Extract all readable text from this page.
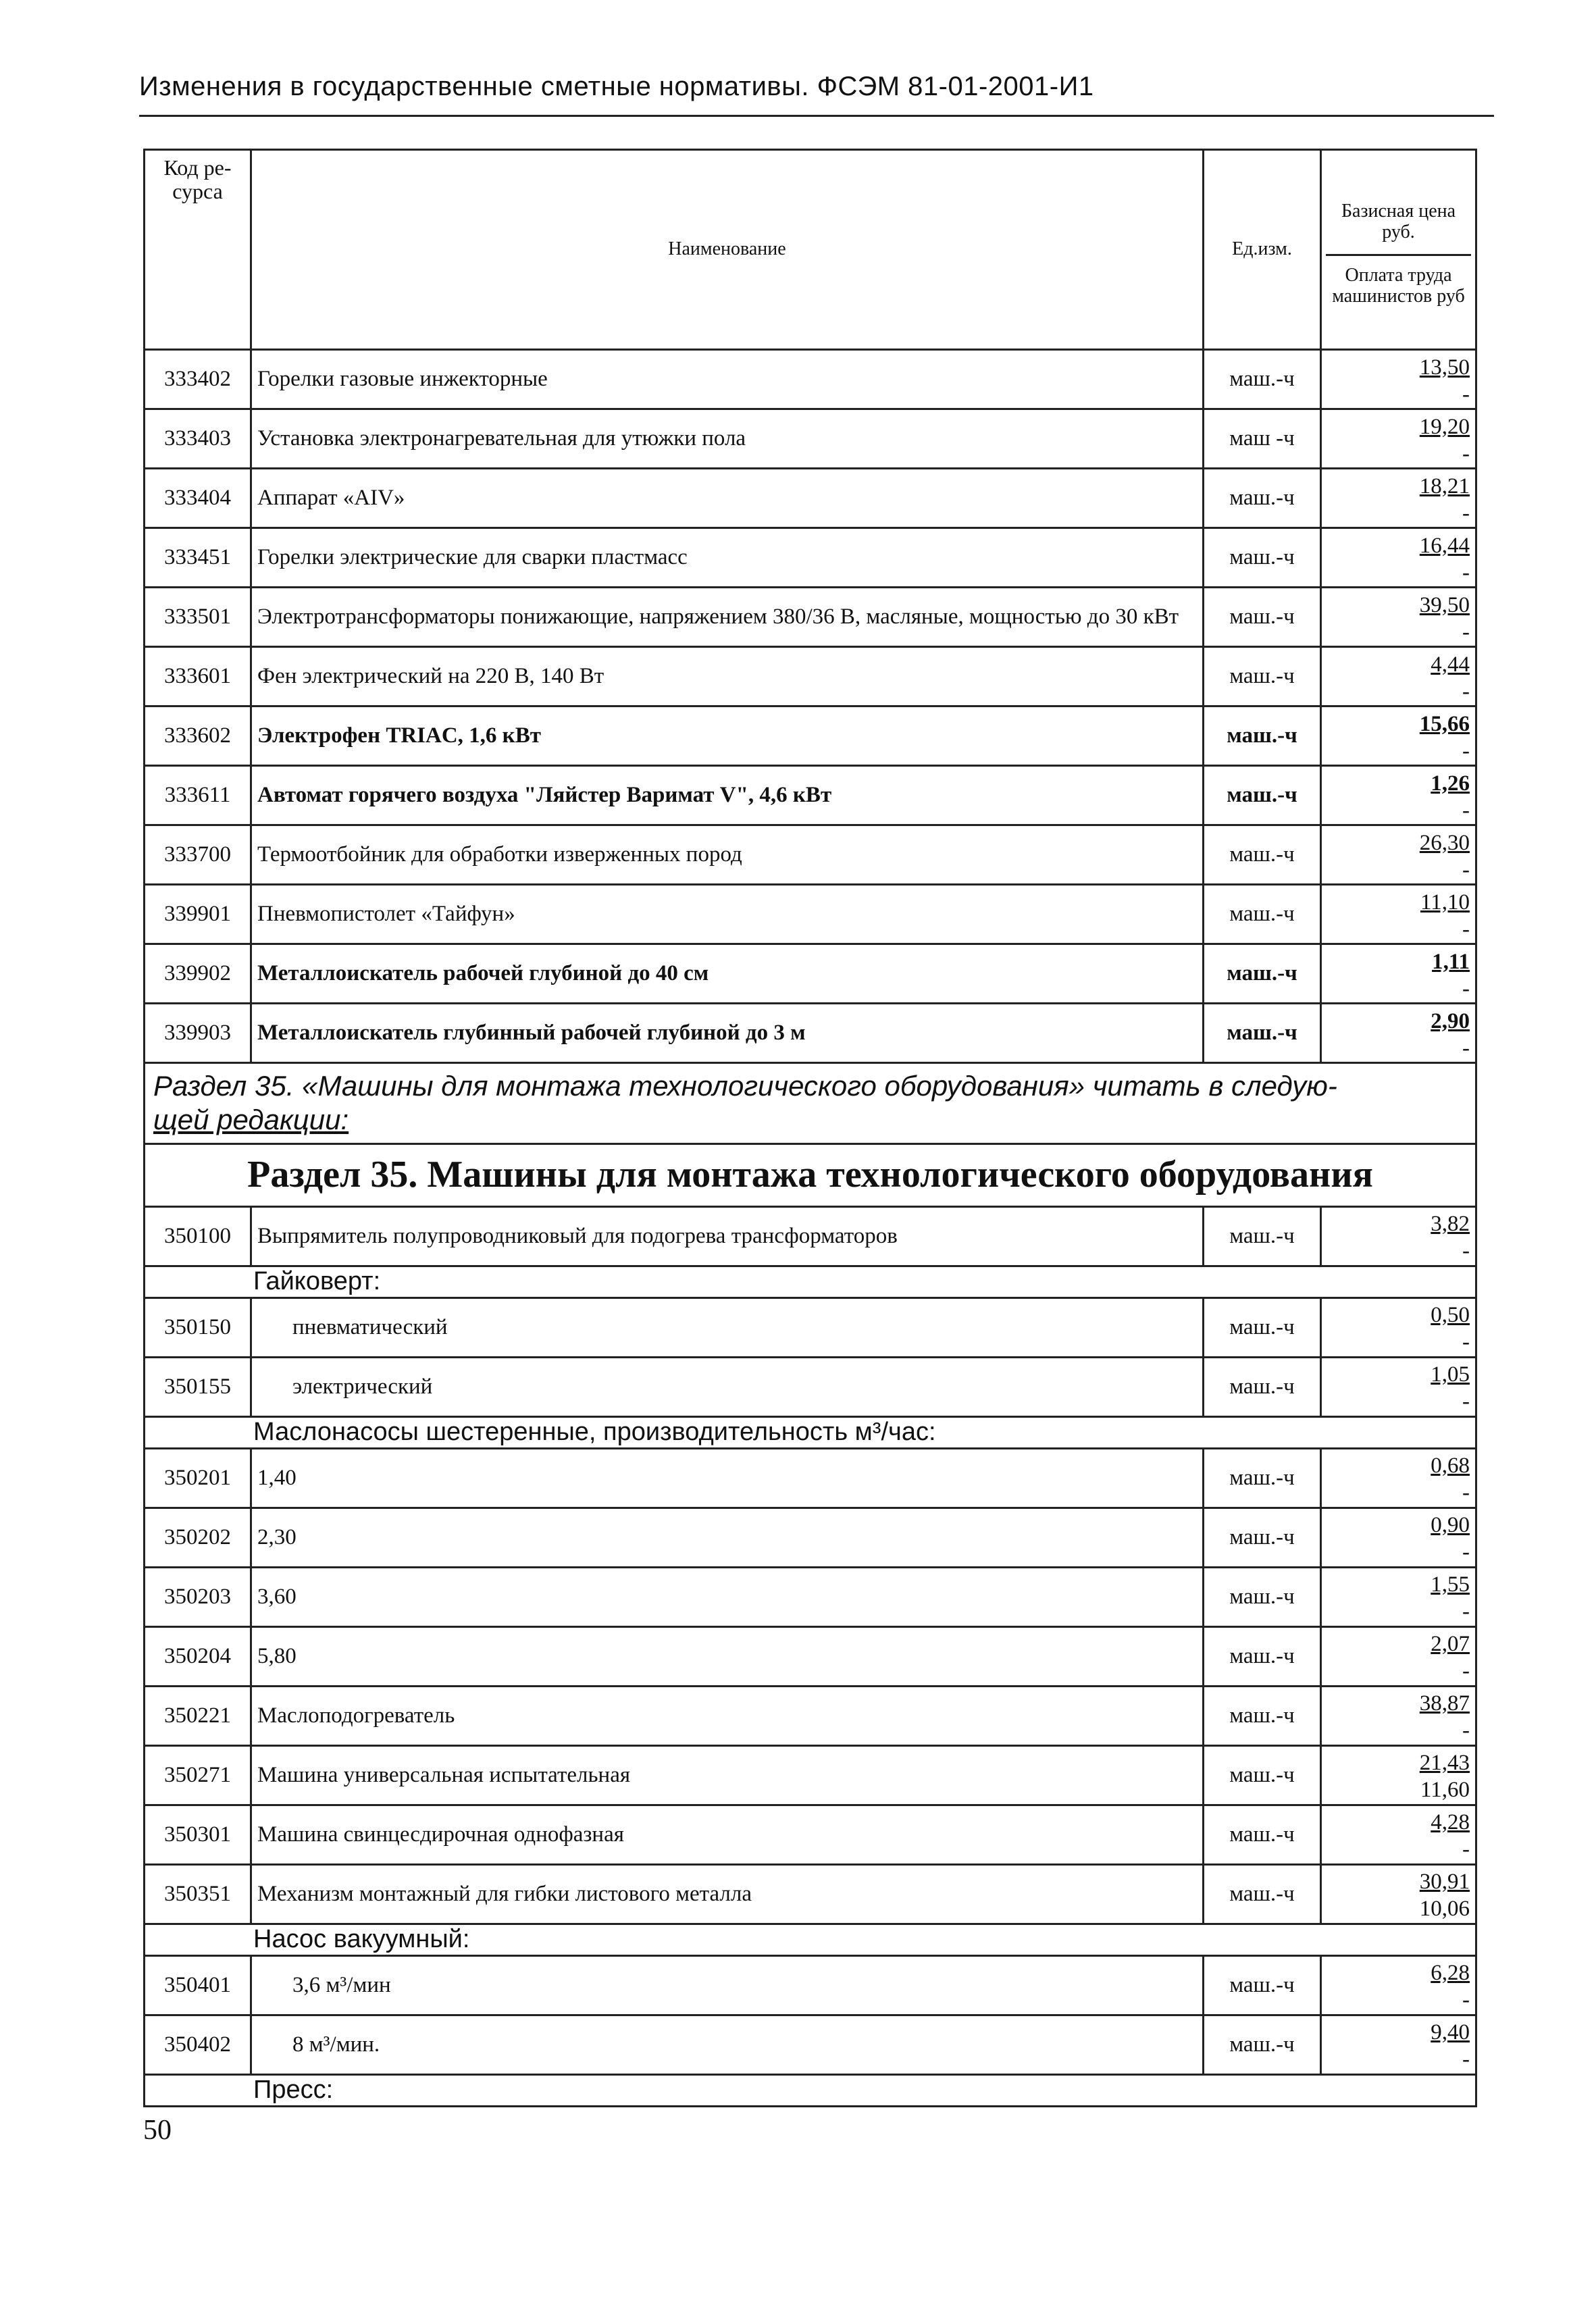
Изменения в государственные сметные нормативы. ФСЭМ 81-01-2001-И1
Код ре-сурса	Наименование	Ед.изм.	Базисная цена руб.
Оплата труда машинистов руб

333402	Горелки газовые инжекторные	маш.-ч	13,50
-

333403	Установка электронагревательная для утюжки пола	маш -ч	19,20
-

333404	Аппарат «AIV»	маш.-ч	18,21
-

333451	Горелки электрические для сварки пластмасс	маш.-ч	16,44
-

333501	Электротрансформаторы понижающие, напряжением 380/36 В, масляные, мощностью до 30 кВт	маш.-ч	39,50
-

333601	Фен электрический на 220 В, 140 Вт	маш.-ч	4,44
-

333602	Электрофен TRIAC, 1,6 кВт	маш.-ч	15,66
-

333611	Автомат горячего воздуха "Ляйстер Варимат V", 4,6 кВт	маш.-ч	1,26
-

333700	Термоотбойник для обработки изверженных пород	маш.-ч	26,30
-

339901	Пневмопистолет «Тайфун»	маш.-ч	11,10
-

339902	Металлоискатель рабочей глубиной до 40 см	маш.-ч	1,11
-

339903	Металлоискатель глубинный рабочей глубиной до 3 м	маш.-ч	2,90
-

Раздел 35. «Машины для монтажа технологического оборудования» читать в следую-
щей редакции:			

Раздел 35. Машины для монтажа технологического оборудования			
350100	Выпрямитель полупроводниковый для подогрева трансформаторов	маш.-ч	3,82
-

Гайковерт:			
350150	пневматический	маш.-ч	0,50
-

350155	электрический	маш.-ч	1,05
-

Маслонасосы шестеренные, производительность м³/час:			
350201	1,40	маш.-ч	0,68
-

350202	2,30	маш.-ч	0,90
-

350203	3,60	маш.-ч	1,55
-

350204	5,80	маш.-ч	2,07
-

350221	Маслоподогреватель	маш.-ч	38,87
-

350271	Машина универсальная испытательная	маш.-ч	21,43
11,60

350301	Машина свинцесдирочная однофазная	маш.-ч	4,28
-

350351	Механизм монтажный для гибки листового металла	маш.-ч	30,91
10,06

Насос вакуумный:			
350401	3,6 м³/мин	маш.-ч	6,28
-

350402	8 м³/мин.	маш.-ч	9,40
-

Пресс:			
50
